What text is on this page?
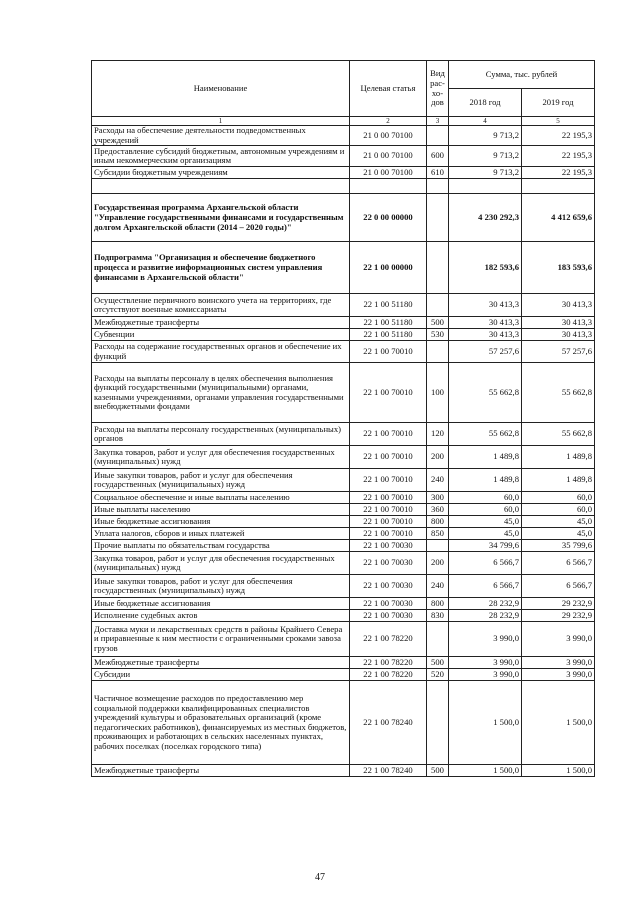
Наименование	Целевая статья	Вид рас- хо- дов	Сумма, тыс. рублей	
			2018 год	2019 год
1	2	3	4	5
Расходы на обеспечение деятельности подведомственных учреждений	21 0 00 70100		9 713,2	22 195,3
Предоставление субсидий бюджетным, автономным учреждениям и иным некоммерческим организациям	21 0 00 70100	600	9 713,2	22 195,3
Субсидии бюджетным учреждениям	21 0 00 70100	610	9 713,2	22 195,3

Государственная программа Архангельской области "Управление государственными финансами и государственным долгом Архангельской области (2014 – 2020 годы)"	22 0 00 00000		4 230 292,3	4 412 659,6
Подпрограмма "Организация и обеспечение бюджетного процесса и развитие информационных систем управления финансами в Архангельской области"	22 1 00 00000		182 593,6	183 593,6
Осуществление первичного воинского учета на территориях, где отсутствуют военные комиссариаты	22 1 00 51180		30 413,3	30 413,3
Межбюджетные трансферты	22 1 00 51180	500	30 413,3	30 413,3
Субвенции	22 1 00 51180	530	30 413,3	30 413,3
Расходы на содержание государственных органов и обеспечение их функций	22 1 00 70010		57 257,6	57 257,6
Расходы на выплаты персоналу в целях обеспечения выполнения функций государственными (муниципальными) органами, казенными учреждениями, органами управления государственными внебюджетными фондами	22 1 00 70010	100	55 662,8	55 662,8
Расходы на выплаты персоналу государственных (муниципальных) органов	22 1 00 70010	120	55 662,8	55 662,8
Закупка товаров, работ и услуг для обеспечения государственных (муниципальных) нужд	22 1 00 70010	200	1 489,8	1 489,8
Иные закупки товаров, работ и услуг для обеспечения государственных (муниципальных) нужд	22 1 00 70010	240	1 489,8	1 489,8
Социальное обеспечение и иные выплаты населению	22 1 00 70010	300	60,0	60,0
Иные выплаты населению	22 1 00 70010	360	60,0	60,0
Иные бюджетные ассигнования	22 1 00 70010	800	45,0	45,0
Уплата налогов, сборов и иных платежей	22 1 00 70010	850	45,0	45,0
Прочие выплаты по обязательствам государства	22 1 00 70030		34 799,6	35 799,6
Закупка товаров, работ и услуг для обеспечения государственных (муниципальных) нужд	22 1 00 70030	200	6 566,7	6 566,7
Иные закупки товаров, работ и услуг для обеспечения государственных (муниципальных) нужд	22 1 00 70030	240	6 566,7	6 566,7
Иные бюджетные ассигнования	22 1 00 70030	800	28 232,9	29 232,9
Исполнение судебных актов	22 1 00 70030	830	28 232,9	29 232,9
Доставка муки и лекарственных средств в районы Крайнего Севера и приравненные к ним местности с ограниченными сроками завоза грузов	22 1 00 78220		3 990,0	3 990,0
Межбюджетные трансферты	22 1 00 78220	500	3 990,0	3 990,0
Субсидии	22 1 00 78220	520	3 990,0	3 990,0
Частичное возмещение расходов по предоставлению мер социальной поддержки квалифицированных специалистов учреждений культуры и образовательных организаций (кроме педагогических работников), финансируемых из местных бюджетов, проживающих и работающих в сельских населенных пунктах, рабочих поселках (поселках городского типа)	22 1 00 78240		1 500,0	1 500,0
Межбюджетные трансферты	22 1 00 78240	500	1 500,0	1 500,0
47
